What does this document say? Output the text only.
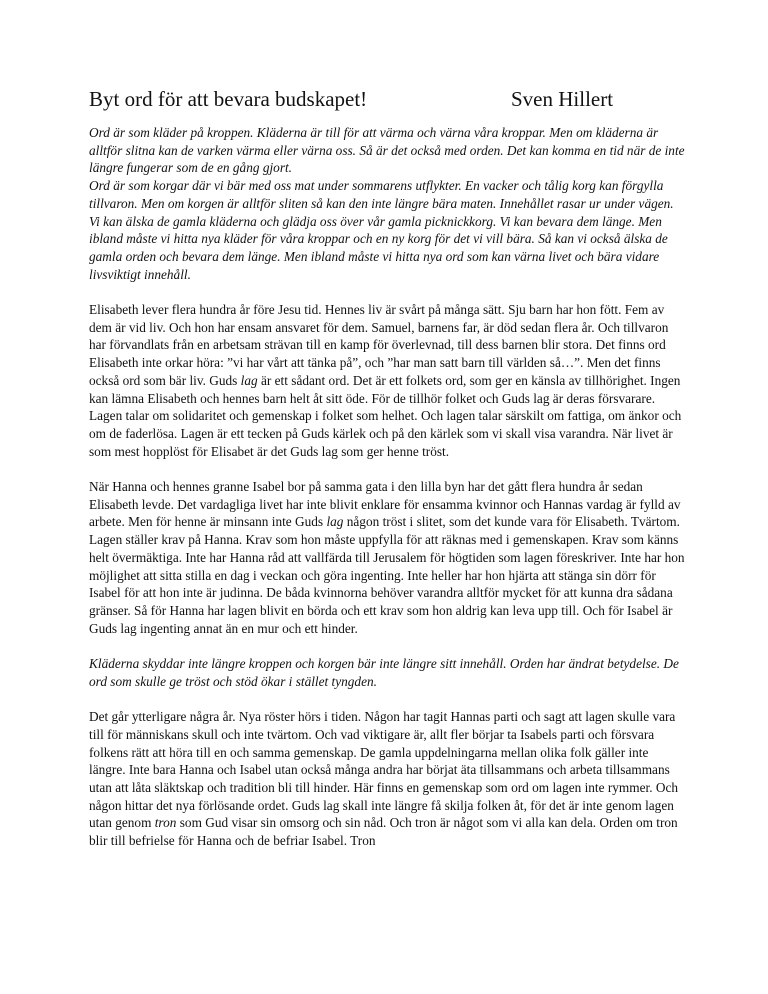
Byt ord för att bevara budskapet!	Sven Hillert

Ord är som kläder på kroppen. Kläderna är till för att värma och värna våra kroppar. Men om kläderna är alltför slitna kan de varken värma eller värna oss. Så är det också med orden. Det kan komma en tid när de inte längre fungerar som de en gång gjort.

Ord är som korgar där vi bär med oss mat under sommarens utflykter. En vacker och tålig korg kan förgylla tillvaron. Men om korgen är alltför sliten så kan den inte längre bära maten. Innehållet rasar ur under vägen.

Vi kan älska de gamla kläderna och glädja oss över vår gamla picknickkorg. Vi kan bevara dem länge. Men ibland måste vi hitta nya kläder för våra kroppar och en ny korg för det vi vill bära. Så kan vi också älska de gamla orden och bevara dem länge. Men ibland måste vi hitta nya ord som kan värna livet och bära vidare livsviktigt innehåll.

Elisabeth lever flera hundra år före Jesu tid. Hennes liv är svårt på många sätt. Sju barn har hon fött. Fem av dem är vid liv. Och hon har ensam ansvaret för dem. Samuel, barnens far, är död sedan flera år. Och tillvaron har förvandlats från en arbetsam strävan till en kamp för överlevnad, till dess barnen blir stora. Det finns ord Elisabeth inte orkar höra: ”vi har vårt att tänka på”, och ”har man satt barn till världen så…”. Men det finns också ord som bär liv. Guds lag är ett sådant ord. Det är ett folkets ord, som ger en känsla av tillhörighet. Ingen kan lämna Elisabeth och hennes barn helt åt sitt öde. För de tillhör folket och Guds lag är deras försvarare. Lagen talar om solidaritet och gemenskap i folket som helhet. Och lagen talar särskilt om fattiga, om änkor och om de faderlösa. Lagen är ett tecken på Guds kärlek och på den kärlek som vi skall visa varandra. När livet är som mest hopplöst för Elisabet är det Guds lag som ger henne tröst.

När Hanna och hennes granne Isabel bor på samma gata i den lilla byn har det gått flera hundra år sedan Elisabeth levde. Det vardagliga livet har inte blivit enklare för ensamma kvinnor och Hannas vardag är fylld av arbete. Men för henne är minsann inte Guds lag någon tröst i slitet, som det kunde vara för Elisabeth. Tvärtom. Lagen ställer krav på Hanna. Krav som hon måste uppfylla för att räknas med i gemenskapen. Krav som känns helt övermäktiga. Inte har Hanna råd att vallfärda till Jerusalem för högtiden som lagen föreskriver. Inte har hon möjlighet att sitta stilla en dag i veckan och göra ingenting. Inte heller har hon hjärta att stänga sin dörr för Isabel för att hon inte är judinna. De båda kvinnorna behöver varandra alltför mycket för att kunna dra sådana gränser. Så för Hanna har lagen blivit en börda och ett krav som hon aldrig kan leva upp till. Och för Isabel är Guds lag ingenting annat än en mur och ett hinder.

Kläderna skyddar inte längre kroppen och korgen bär inte längre sitt innehåll. Orden har ändrat betydelse. De ord som skulle ge tröst och stöd ökar i stället tyngden.

Det går ytterligare några år. Nya röster hörs i tiden. Någon har tagit Hannas parti och sagt att lagen skulle vara till för människans skull och inte tvärtom. Och vad viktigare är, allt fler börjar ta Isabels parti och försvara folkens rätt att höra till en och samma gemenskap. De gamla uppdelningarna mellan olika folk gäller inte längre. Inte bara Hanna och Isabel utan också många andra har börjat äta tillsammans och arbeta tillsammans utan att låta släktskap och tradition bli till hinder. Här finns en gemenskap som ord om lagen inte rymmer. Och någon hittar det nya förlösande ordet. Guds lag skall inte längre få skilja folken åt, för det är inte genom lagen utan genom tron som Gud visar sin omsorg och sin nåd. Och tron är något som vi alla kan dela. Orden om tron blir till befrielse för Hanna och de befriar Isabel. Tron
